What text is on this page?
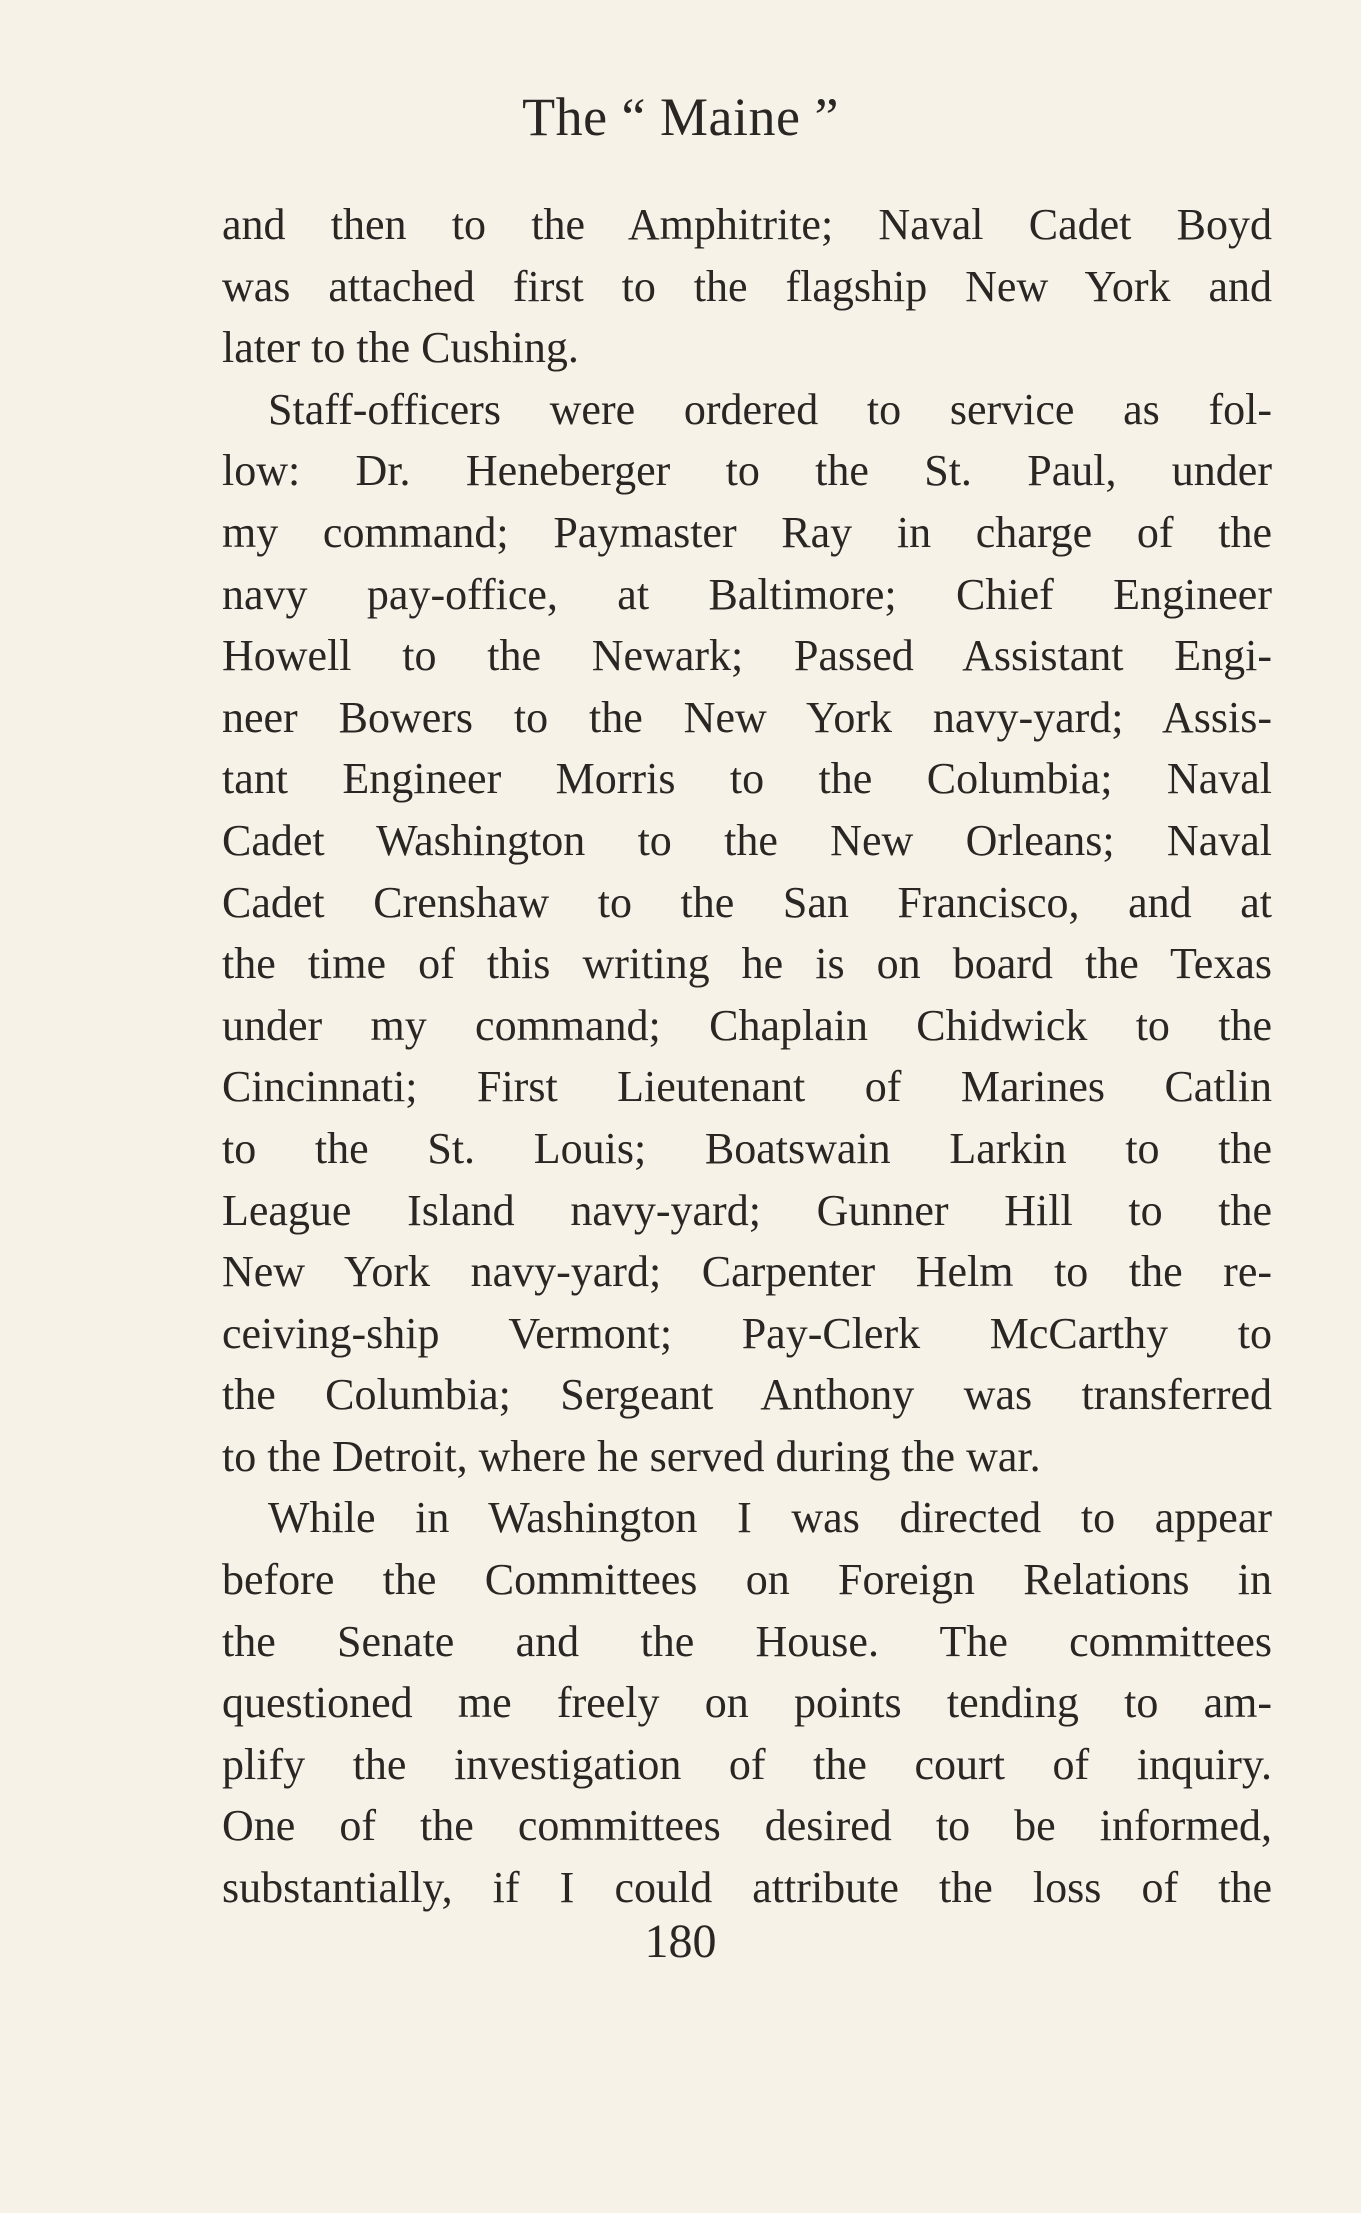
The “ Maine ”
and then to the Amphitrite; Naval Cadet Boyd
was attached first to the flagship New York and
later to the Cushing.
Staff-officers were ordered to service as fol-
low: Dr. Heneberger to the St. Paul, under
my command; Paymaster Ray in charge of the
navy pay-office, at Baltimore; Chief Engineer
Howell to the Newark; Passed Assistant Engi-
neer Bowers to the New York navy-yard; Assis-
tant Engineer Morris to the Columbia; Naval
Cadet Washington to the New Orleans; Naval
Cadet Crenshaw to the San Francisco, and at
the time of this writing he is on board the Texas
under my command; Chaplain Chidwick to the
Cincinnati; First Lieutenant of Marines Catlin
to the St. Louis; Boatswain Larkin to the
League Island navy-yard; Gunner Hill to the
New York navy-yard; Carpenter Helm to the re-
ceiving-ship Vermont; Pay-Clerk McCarthy to
the Columbia; Sergeant Anthony was transferred
to the Detroit, where he served during the war.
While in Washington I was directed to appear
before the Committees on Foreign Relations in
the Senate and the House. The committees
questioned me freely on points tending to am-
plify the investigation of the court of inquiry.
One of the committees desired to be informed,
substantially, if I could attribute the loss of the
180
